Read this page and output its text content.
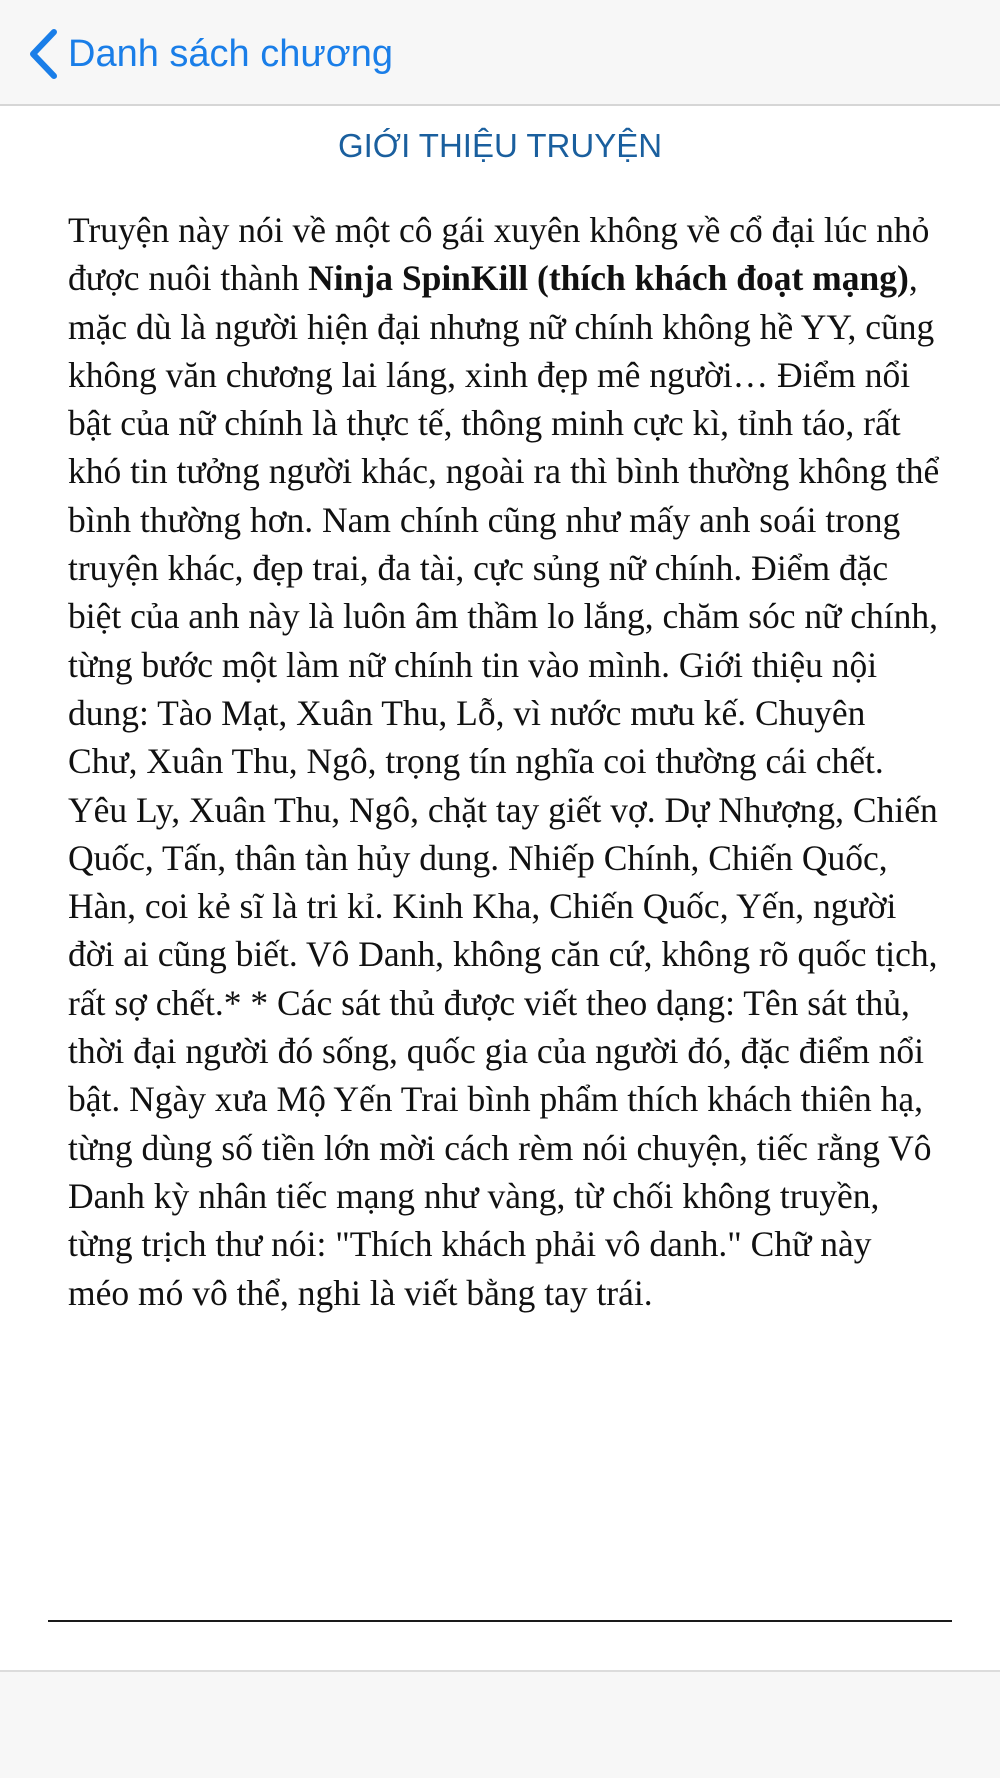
Danh sách chương
GIỚI THIỆU TRUYỆN
Truyện này nói về một cô gái xuyên không về cổ đại lúc nhỏ được nuôi thành Ninja SpinKill (thích khách đoạt mạng), mặc dù là người hiện đại nhưng nữ chính không hề YY, cũng không văn chương lai láng, xinh đẹp mê người… Điểm nổi bật của nữ chính là thực tế, thông minh cực kì, tỉnh táo, rất khó tin tưởng người khác, ngoài ra thì bình thường không thể bình thường hơn. Nam chính cũng như mấy anh soái trong truyện khác, đẹp trai, đa tài, cực sủng nữ chính. Điểm đặc biệt của anh này là luôn âm thầm lo lắng, chăm sóc nữ chính, từng bước một làm nữ chính tin vào mình. Giới thiệu nội dung: Tào Mạt, Xuân Thu, Lỗ, vì nước mưu kế. Chuyên Chư, Xuân Thu, Ngô, trọng tín nghĩa coi thường cái chết. Yêu Ly, Xuân Thu, Ngô, chặt tay giết vợ. Dự Nhượng, Chiến Quốc, Tấn, thân tàn hủy dung. Nhiếp Chính, Chiến Quốc, Hàn, coi kẻ sĩ là tri kỉ. Kinh Kha, Chiến Quốc, Yến, người đời ai cũng biết. Vô Danh, không căn cứ, không rõ quốc tịch, rất sợ chết.* * Các sát thủ được viết theo dạng: Tên sát thủ, thời đại người đó sống, quốc gia của người đó, đặc điểm nổi bật. Ngày xưa Mộ Yến Trai bình phẩm thích khách thiên hạ, từng dùng số tiền lớn mời cách rèm nói chuyện, tiếc rằng Vô Danh kỳ nhân tiếc mạng như vàng, từ chối không truyền, từng trịch thư nói: "Thích khách phải vô danh." Chữ này méo mó vô thể, nghi là viết bằng tay trái.
